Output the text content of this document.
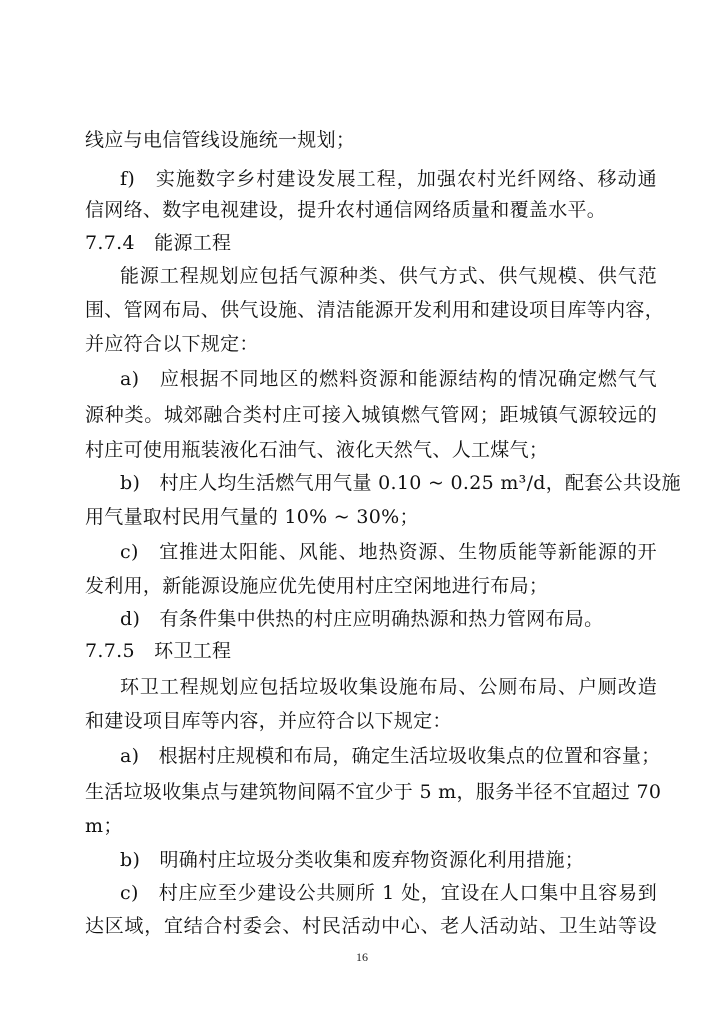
线应与电信管线设施统一规划；
f)　实施数字乡村建设发展工程，加强农村光纤网络、移动通
信网络、数字电视建设，提升农村通信网络质量和覆盖水平。
7.7.4　能源工程
能源工程规划应包括气源种类、供气方式、供气规模、供气范
围、管网布局、供气设施、清洁能源开发利用和建设项目库等内容，
并应符合以下规定：
a)　应根据不同地区的燃料资源和能源结构的情况确定燃气气
源种类。城郊融合类村庄可接入城镇燃气管网；距城镇气源较远的
村庄可使用瓶装液化石油气、液化天然气、人工煤气；
b)　村庄人均生活燃气用气量 0.10 ~ 0.25 m³/d，配套公共设施
用气量取村民用气量的 10% ~ 30%；
c)　宜推进太阳能、风能、地热资源、生物质能等新能源的开
发利用，新能源设施应优先使用村庄空闲地进行布局；
d)　有条件集中供热的村庄应明确热源和热力管网布局。
7.7.5　环卫工程
环卫工程规划应包括垃圾收集设施布局、公厕布局、户厕改造
和建设项目库等内容，并应符合以下规定：
a)　根据村庄规模和布局，确定生活垃圾收集点的位置和容量；
生活垃圾收集点与建筑物间隔不宜少于 5 m，服务半径不宜超过 70
m；
b)　明确村庄垃圾分类收集和废弃物资源化利用措施；
c)　村庄应至少建设公共厕所 1 处，宜设在人口集中且容易到
达区域，宜结合村委会、村民活动中心、老人活动站、卫生站等设
16
